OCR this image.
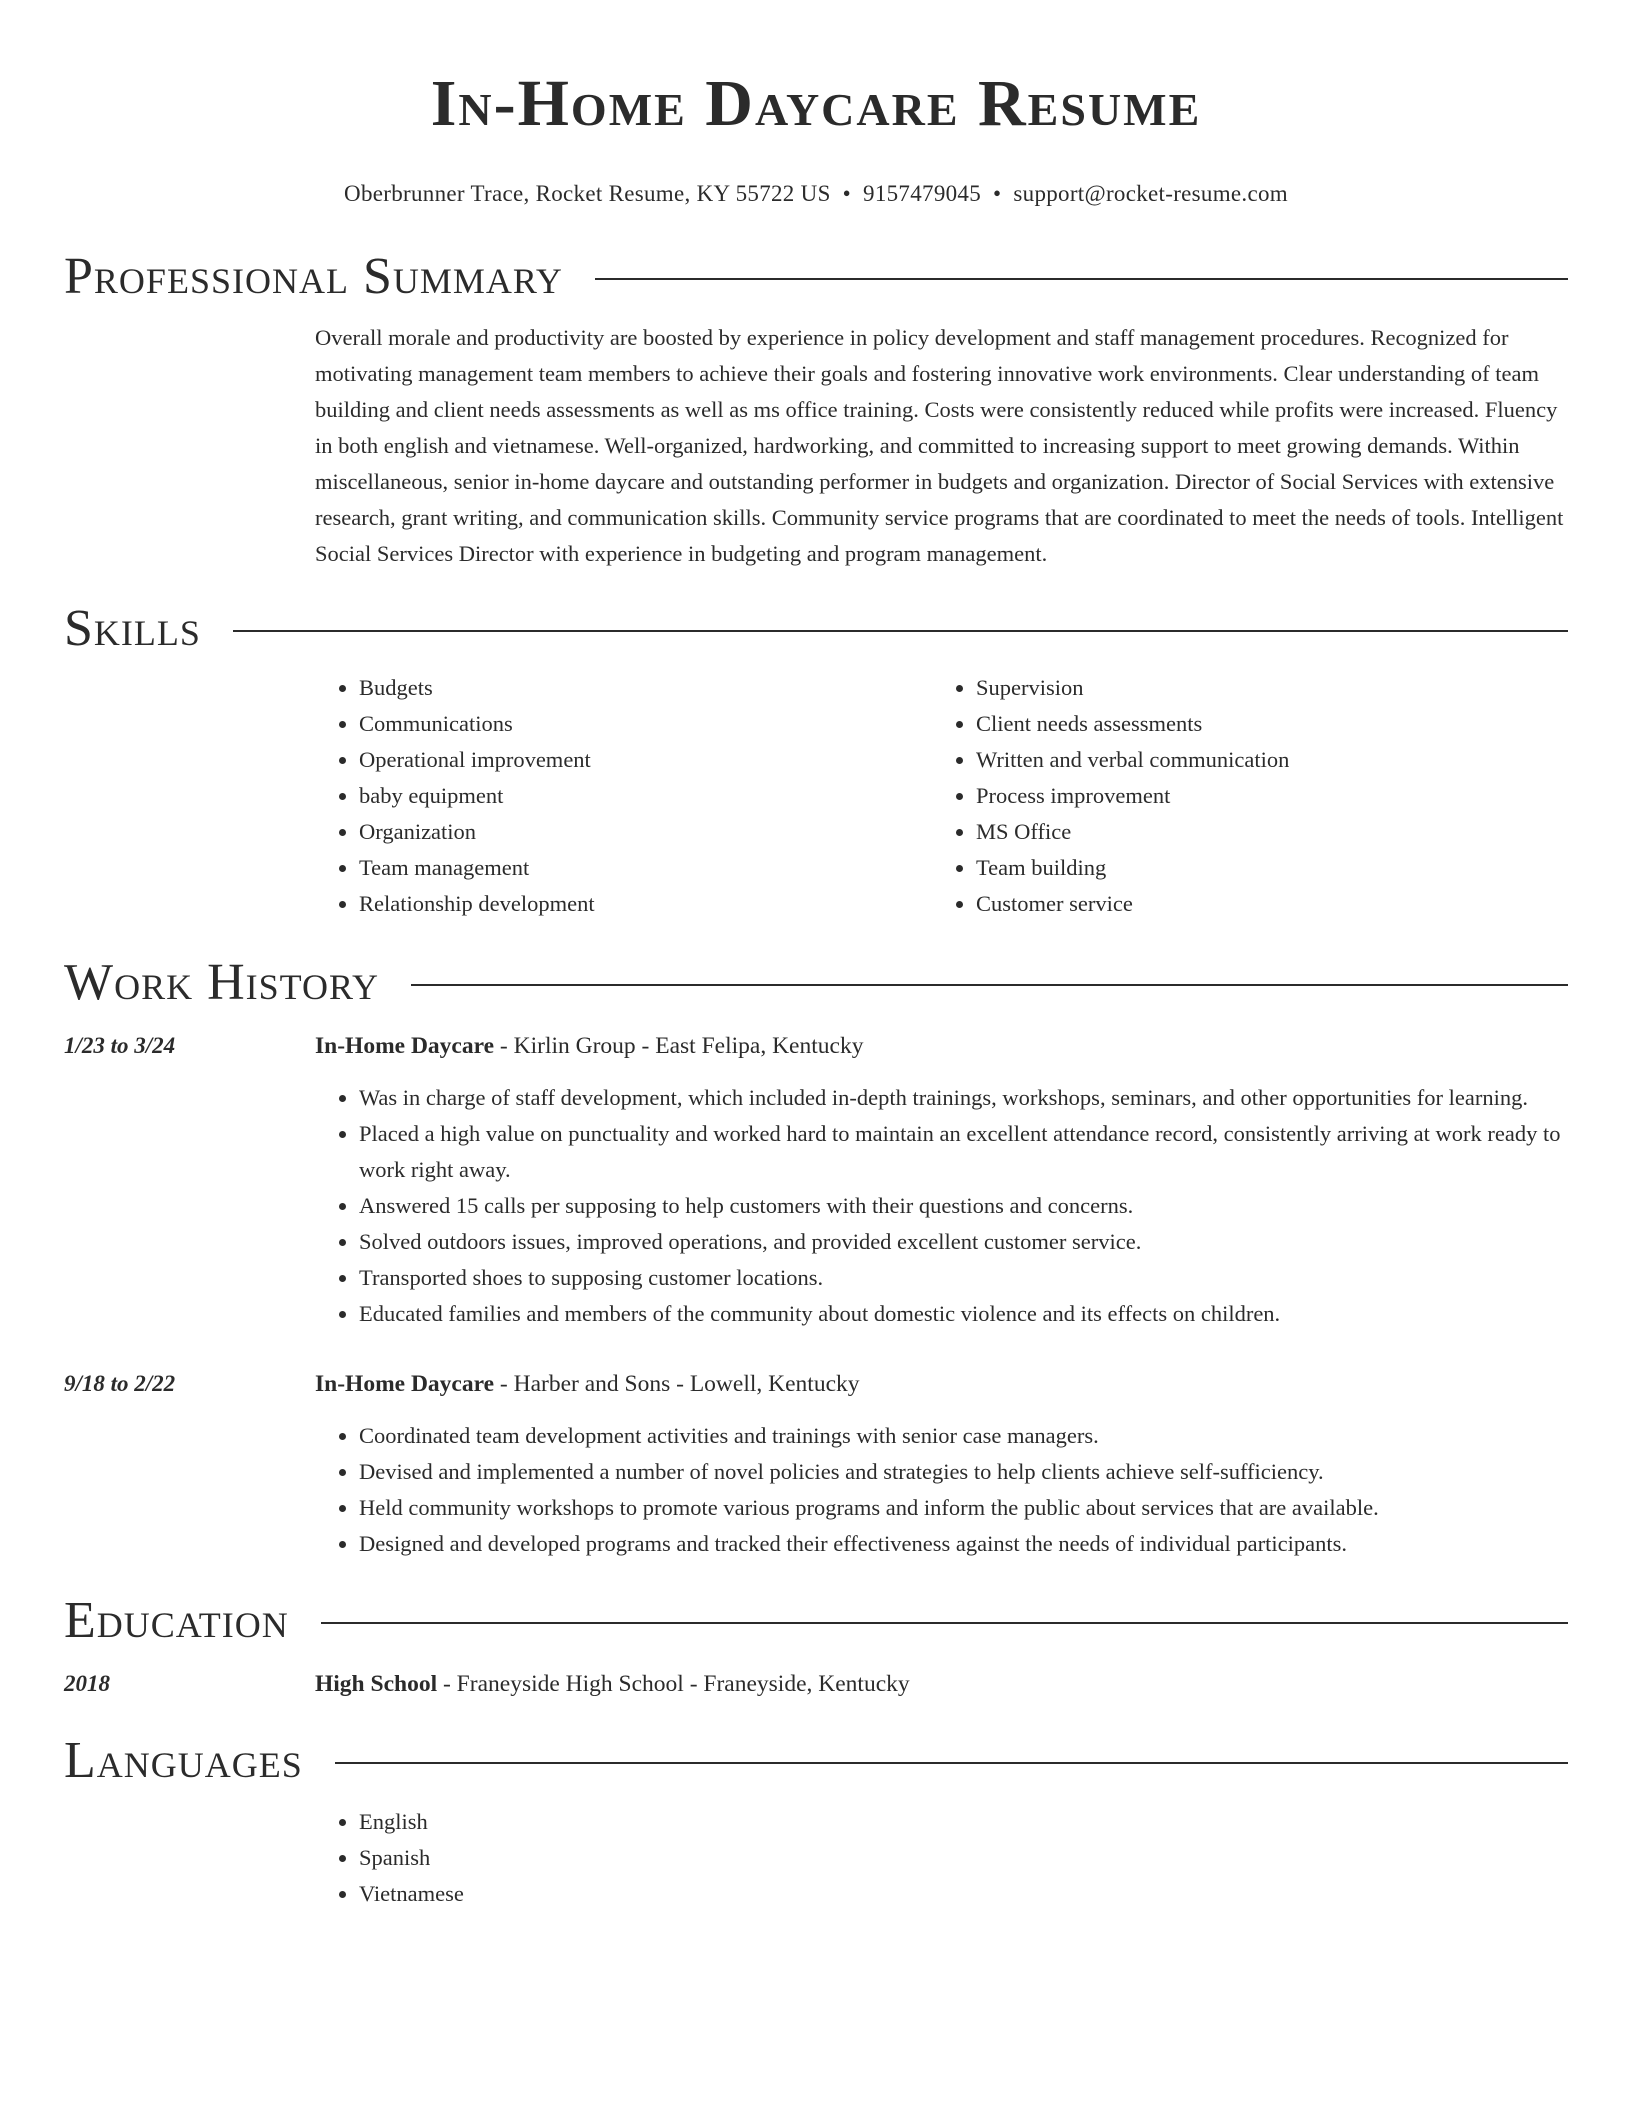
In-Home Daycare Resume
Oberbrunner Trace, Rocket Resume, KY 55722 US • 9157479045 • support@rocket-resume.com
Professional Summary

Overall morale and productivity are boosted by experience in policy development and staff management procedures. Recognized for motivating management team members to achieve their goals and fostering innovative work environments. Clear understanding of team building and client needs assessments as well as ms office training. Costs were consistently reduced while profits were increased. Fluency in both english and vietnamese. Well-organized, hardworking, and committed to increasing support to meet growing demands. Within miscellaneous, senior in-home daycare and outstanding performer in budgets and organization. Director of Social Services with extensive research, grant writing, and communication skills. Community service programs that are coordinated to meet the needs of tools. Intelligent Social Services Director with experience in budgeting and program management.

Skills
• Budgets
• Communications
• Operational improvement
• baby equipment
• Organization
• Team management
• Relationship development
• Supervision
• Client needs assessments
• Written and verbal communication
• Process improvement
• MS Office
• Team building
• Customer service
Work History
1/23 to 3/24	In-Home Daycare - Kirlin Group - East Felipa, Kentucky
• Was in charge of staff development, which included in-depth trainings, workshops, seminars, and other opportunities for learning.
• Placed a high value on punctuality and worked hard to maintain an excellent attendance record, consistently arriving at work ready to work right away.
• Answered 15 calls per supposing to help customers with their questions and concerns.
• Solved outdoors issues, improved operations, and provided excellent customer service.
• Transported shoes to supposing customer locations.
• Educated families and members of the community about domestic violence and its effects on children.
9/18 to 2/22	In-Home Daycare - Harber and Sons - Lowell, Kentucky
• Coordinated team development activities and trainings with senior case managers.
• Devised and implemented a number of novel policies and strategies to help clients achieve self-sufficiency.
• Held community workshops to promote various programs and inform the public about services that are available.
• Designed and developed programs and tracked their effectiveness against the needs of individual participants.
Education
2018	High School - Franeyside High School - Franeyside, Kentucky
Languages
• English
• Spanish
• Vietnamese
